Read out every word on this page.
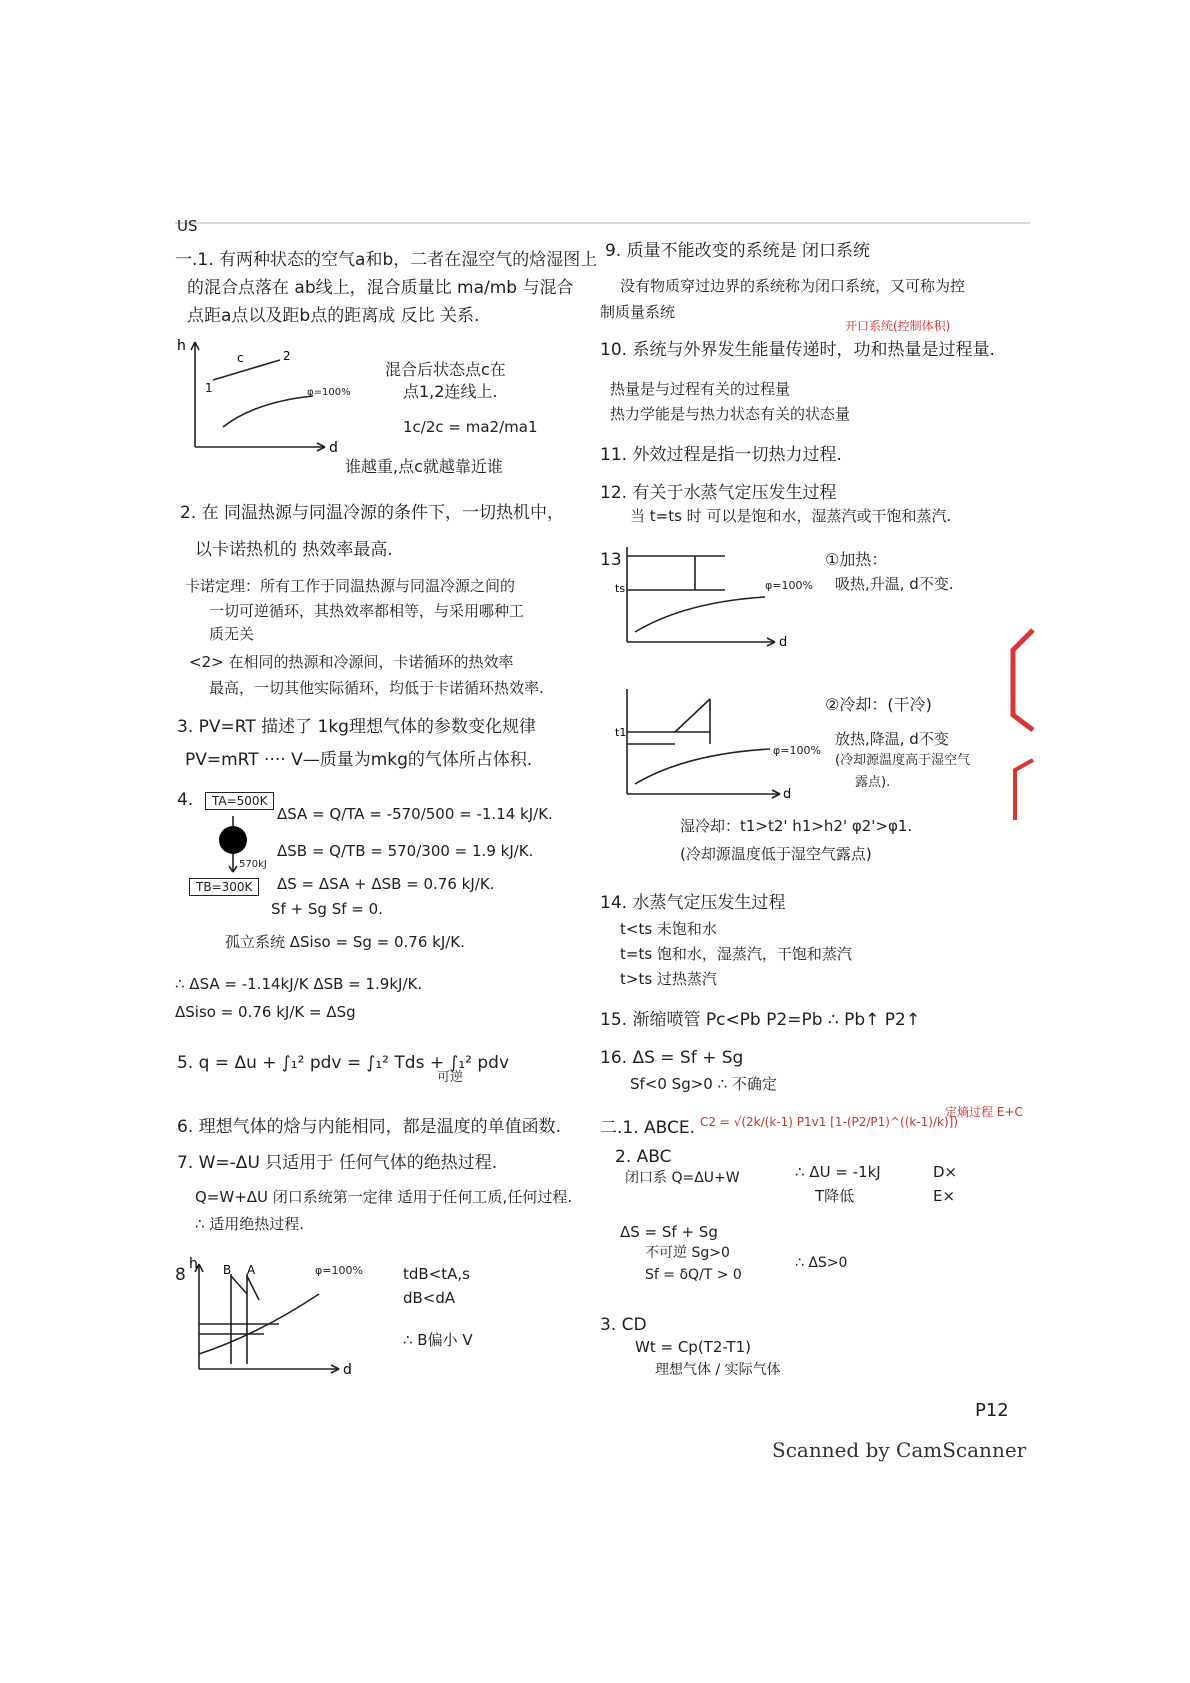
US
一.1. 有两种状态的空气a和b，二者在湿空气的焓湿图上
的混合点落在 ab线上，混合质量比 ma/mb 与混合
点距a点以及距b点的距离成 反比 关系.
h
d
c
1
2
φ=100%
混合后状态点c在
点1,2连线上.
1c/2c = ma2/ma1
谁越重,点c就越靠近谁
2. 在 同温热源与同温冷源的条件下，一切热机中，
以卡诺热机的 热效率最高.
卡诺定理：所有工作于同温热源与同温冷源之间的
一切可逆循环，其热效率都相等，与采用哪种工
质无关
<2> 在相同的热源和冷源间，卡诺循环的热效率
最高，一切其他实际循环，均低于卡诺循环热效率.
3. PV=RT 描述了 1kg理想气体的参数变化规律
PV=mRT ···· V—质量为mkg的气体所占体积.
4.	TA=500K
570kJ
TB=300K
ΔSA = Q/TA = -570/500 = -1.14 kJ/K.
ΔSB = Q/TB = 570/300 = 1.9 kJ/K.
ΔS = ΔSA + ΔSB = 0.76 kJ/K.
Sf + Sg Sf = 0.
孤立系统 ΔSiso = Sg = 0.76 kJ/K.
∴ ΔSA = -1.14kJ/K ΔSB = 1.9kJ/K.
ΔSiso = 0.76 kJ/K = ΔSg
5. q = Δu + ∫₁² pdv = ∫₁² Tds + ∫₁² pdv
可逆
6. 理想气体的焓与内能相同，都是温度的单值函数.
7. W=-ΔU 只适用于 任何气体的绝热过程.
Q=W+ΔU 闭口系统第一定律 适用于任何工质,任何过程.
∴ 适用绝热过程.
8
h
d
B A	φ=100%	tdB<tA,s
dB<dA
∴ B偏小 V
9. 质量不能改变的系统是 闭口系统
没有物质穿过边界的系统称为闭口系统，又可称为控
制质量系统
开口系统(控制体积)
10. 系统与外界发生能量传递时，功和热量是过程量.
热量是与过程有关的过程量
热力学能是与热力状态有关的状态量
11. 外效过程是指一切热力过程.
12. 有关于水蒸气定压发生过程
当 t=ts 时 可以是饱和水，湿蒸汽或干饱和蒸汽.
13
ts
d
φ=100%
①加热：
吸热,升温, d不变.
t1
d
φ=100%
②冷却：(干冷)
放热,降温, d不变
(冷却源温度高于湿空气
露点).
湿冷却：t1>t2' h1>h2' φ2'>φ1.
(冷却源温度低于湿空气露点)
14. 水蒸气定压发生过程
t<ts 未饱和水
t=ts 饱和水，湿蒸汽，干饱和蒸汽
t>ts 过热蒸汽
15. 渐缩喷管 Pc<Pb P2=Pb ∴ Pb↑ P2↑
16. ΔS = Sf + Sg
Sf<0 Sg>0 ∴ 不确定
二.1. ABCE. C2 = √(2k/(k-1) P1v1 [1-(P2/P1)^((k-1)/k)])
定熵过程 E+C
2. ABC
闭口系 Q=ΔU+W	∴ ΔU = -1kJ
T降低
D×
E×
ΔS = Sf + Sg
不可逆 Sg>0
Sf = δQ/T > 0
∴ ΔS>0
3. CD
Wt = Cp(T2-T1)
理想气体 / 实际气体
P12
Scanned by CamScanner
